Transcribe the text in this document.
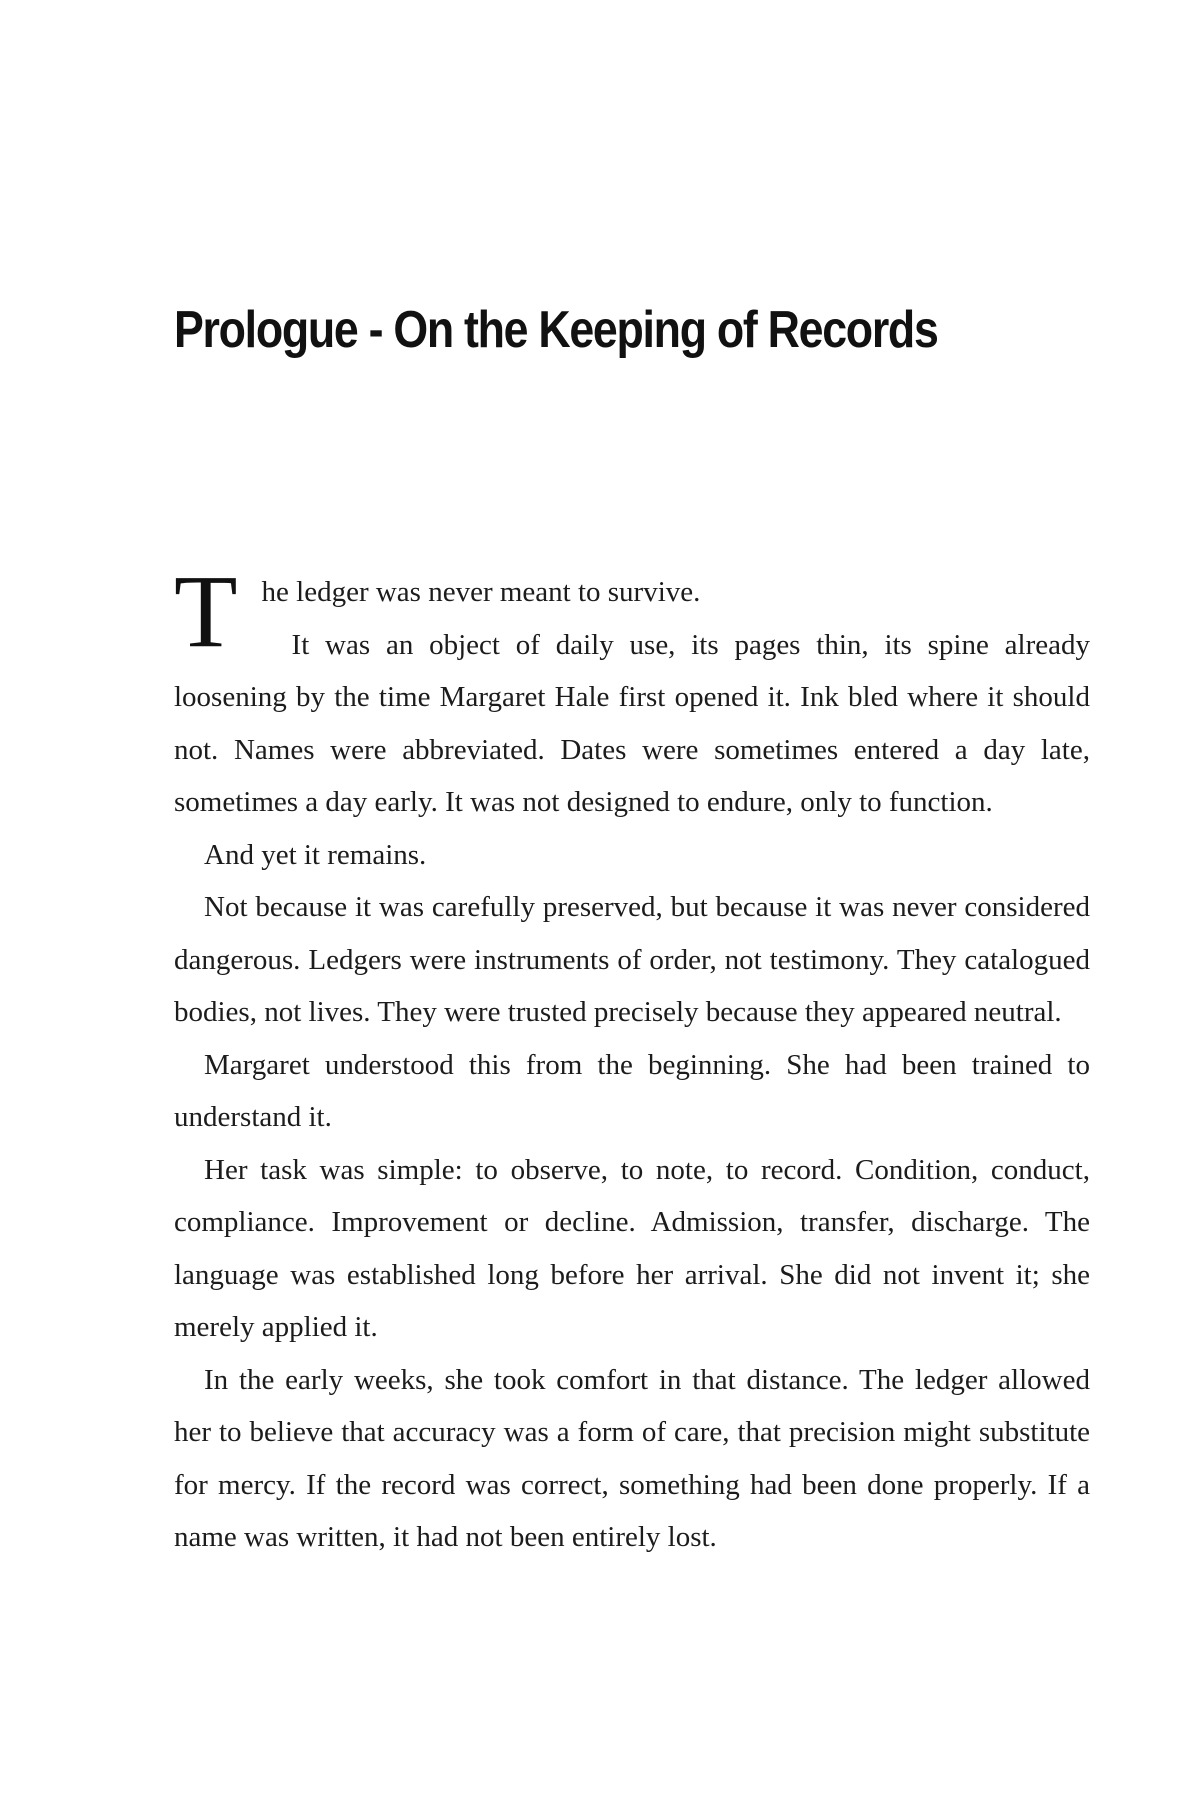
Prologue - On the Keeping of Records

The ledger was never meant to survive.

It was an object of daily use, its pages thin, its spine already loosening by the time Margaret Hale first opened it. Ink bled where it should not. Names were abbreviated. Dates were sometimes entered a day late, sometimes a day early. It was not designed to endure, only to function.

And yet it remains.

Not because it was carefully preserved, but because it was never considered dangerous. Ledgers were instruments of order, not testimony. They catalogued bodies, not lives. They were trusted precisely because they appeared neutral.

Margaret understood this from the beginning. She had been trained to understand it.

Her task was simple: to observe, to note, to record. Condition, conduct, compliance. Improvement or decline. Admission, transfer, discharge. The language was established long before her arrival. She did not invent it; she merely applied it.

In the early weeks, she took comfort in that distance. The ledger allowed her to believe that accuracy was a form of care, that precision might substitute for mercy. If the record was correct, something had been done properly. If a name was written, it had not been entirely lost.
